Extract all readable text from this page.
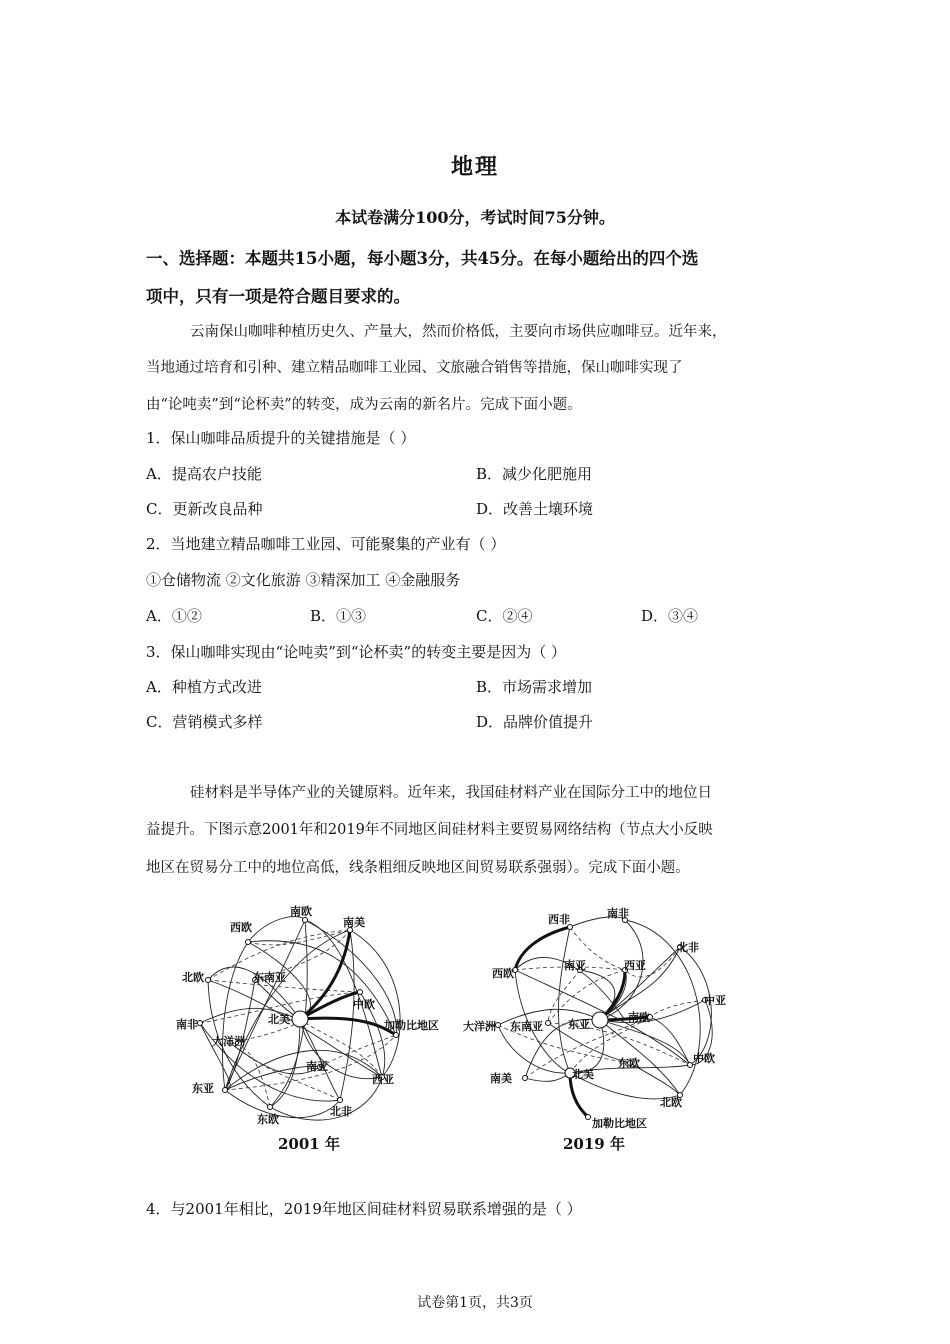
地理
本试卷满分100分，考试时间75分钟。
一、选择题：本题共15小题，每小题3分，共45分。在每小题给出的四个选
项中，只有一项是符合题目要求的。
云南保山咖啡种植历史久、产量大，然而价格低，主要向市场供应咖啡豆。近年来，
当地通过培育和引种、建立精品咖啡工业园、文旅融合销售等措施，保山咖啡实现了
由“论吨卖”到“论杯卖”的转变，成为云南的新名片。完成下面小题。
1．保山咖啡品质提升的关键措施是（ ）
A．提高农户技能	B．减少化肥施用
C．更新改良品种	D．改善土壤环境
2．当地建立精品咖啡工业园、可能聚集的产业有（ ）
①仓储物流 ②文化旅游 ③精深加工 ④金融服务
A．①②	B．①③	C．②④	D．③④
3．保山咖啡实现由“论吨卖”到“论杯卖”的转变主要是因为（ ）
A．种植方式改进	B．市场需求增加
C．营销模式多样	D．品牌价值提升
硅材料是半导体产业的关键原料。近年来，我国硅材料产业在国际分工中的地位日
益提升。下图示意2001年和2019年不同地区间硅材料主要贸易网络结构（节点大小反映
地区在贸易分工中的地位高低，线条粗细反映地区间贸易联系强弱）。完成下面小题。
南欧
西欧	南美
北欧	东南亚
中欧
北美	加勒比地区
南非
大洋洲
南亚
西亚
东亚
北非
东欧
2001 年
西非	南非
北非
西欧
南亚	西亚
中亚
大洋洲 东南亚 东亚
南欧
东欧	中欧
南美	北美
北欧
加勒比地区
2019 年
4．与2001年相比，2019年地区间硅材料贸易联系增强的是（ ）
试卷第1页，共3页
